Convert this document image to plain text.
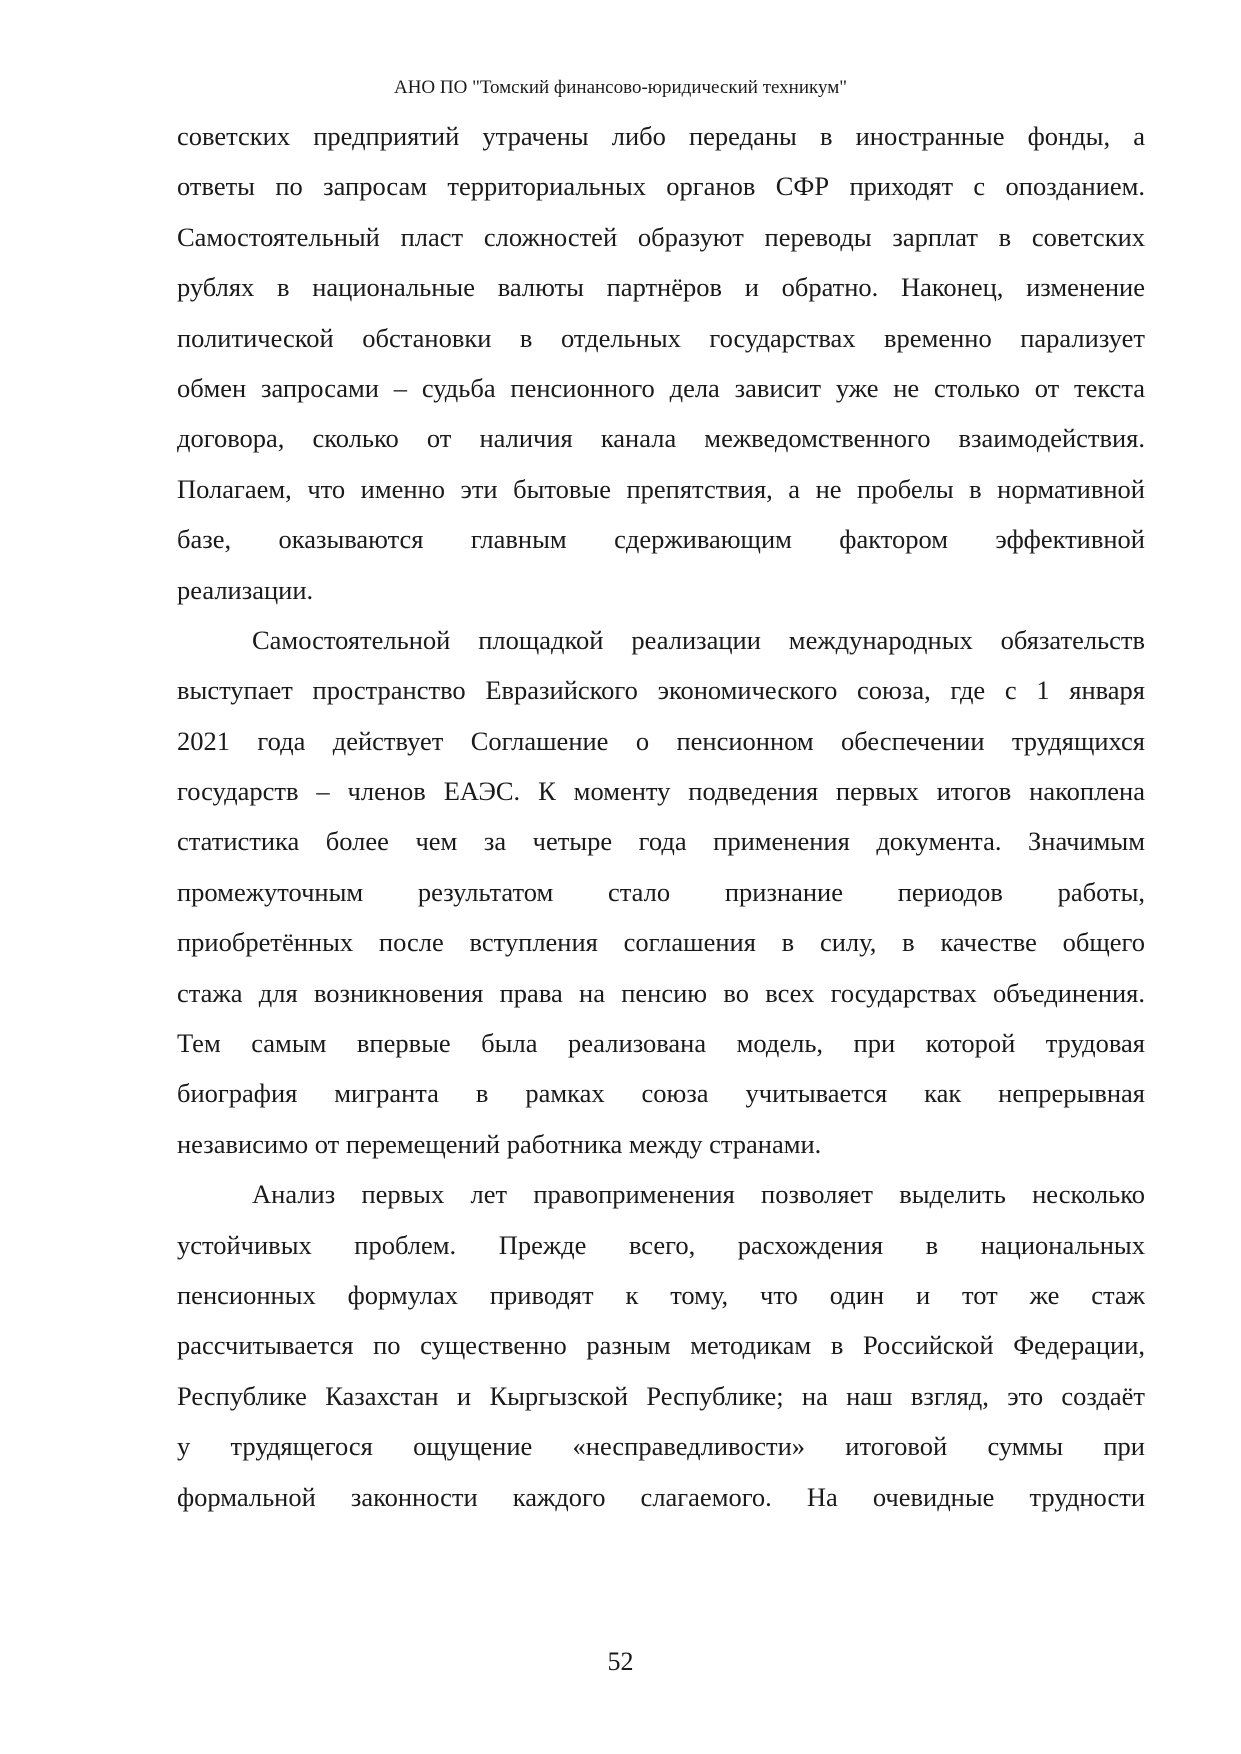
АНО ПО "Томский финансово-юридический техникум"
советских предприятий утрачены либо переданы в иностранные фонды, а
ответы по запросам территориальных органов СФР приходят с опозданием.
Самостоятельный пласт сложностей образуют переводы зарплат в советских
рублях в национальные валюты партнёров и обратно. Наконец, изменение
политической обстановки в отдельных государствах временно парализует
обмен запросами – судьба пенсионного дела зависит уже не столько от текста
договора, сколько от наличия канала межведомственного взаимодействия.
Полагаем, что именно эти бытовые препятствия, а не пробелы в нормативной
базе, оказываются главным сдерживающим фактором эффективной
реализации.
Самостоятельной площадкой реализации международных обязательств
выступает пространство Евразийского экономического союза, где с 1 января
2021 года действует Соглашение о пенсионном обеспечении трудящихся
государств – членов ЕАЭС. К моменту подведения первых итогов накоплена
статистика более чем за четыре года применения документа. Значимым
промежуточным результатом стало признание периодов работы,
приобретённых после вступления соглашения в силу, в качестве общего
стажа для возникновения права на пенсию во всех государствах объединения.
Тем самым впервые была реализована модель, при которой трудовая
биография мигранта в рамках союза учитывается как непрерывная
независимо от перемещений работника между странами.
Анализ первых лет правоприменения позволяет выделить несколько
устойчивых проблем. Прежде всего, расхождения в национальных
пенсионных формулах приводят к тому, что один и тот же стаж
рассчитывается по существенно разным методикам в Российской Федерации,
Республике Казахстан и Кыргызской Республике; на наш взгляд, это создаёт
у трудящегося ощущение «несправедливости» итоговой суммы при
формальной законности каждого слагаемого. На очевидные трудности
52
